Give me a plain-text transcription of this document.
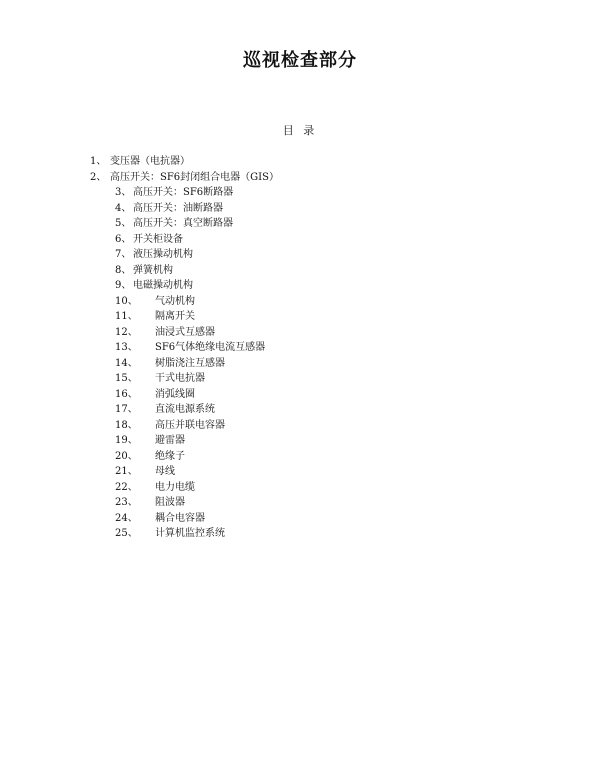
巡视检查部分
目 录
1、 变压器（电抗器）
2、 高压开关：SF6封闭组合电器（GIS）
3、 高压开关：SF6断路器
4、 高压开关：油断路器
5、 高压开关：真空断路器
6、 开关柜设备
7、 液压操动机构
8、 弹簧机构
9、 电磁操动机构
10、 气动机构
11、 隔离开关
12、 油浸式互感器
13、 SF6气体绝缘电流互感器
14、 树脂浇注互感器
15、 干式电抗器
16、 消弧线圈
17、 直流电源系统
18、 高压并联电容器
19、 避雷器
20、 绝缘子
21、 母线
22、 电力电缆
23、 阻波器
24、 耦合电容器
25、 计算机监控系统
